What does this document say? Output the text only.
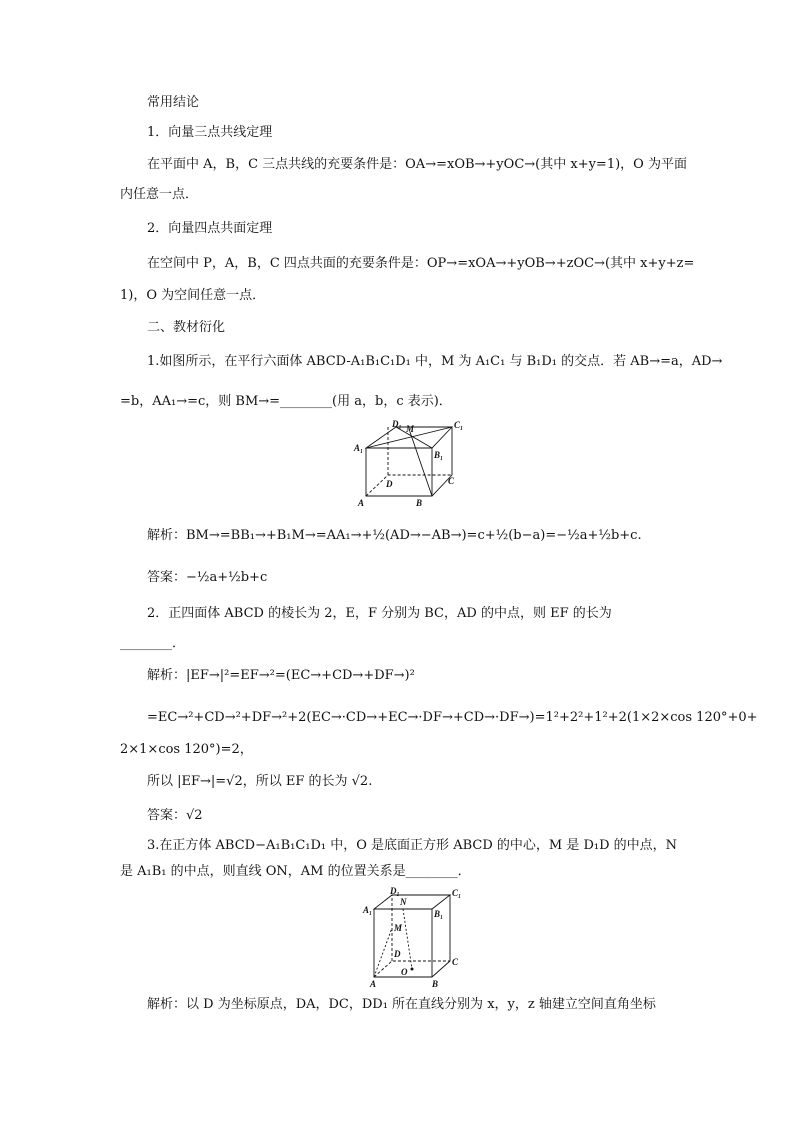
常用结论
1．向量三点共线定理
在平面中 A，B，C 三点共线的充要条件是：OA→=xOB→+yOC→(其中 x+y=1)，O 为平面
内任意一点．
2．向量四点共面定理
在空间中 P，A，B，C 四点共面的充要条件是：OP→=xOA→+yOB→+zOC→(其中 x+y+z=
1)，O 为空间任意一点．
二、教材衍化
1.如图所示，在平行六面体 ABCD-A₁B₁C₁D₁ 中，M 为 A₁C₁ 与 B₁D₁ 的交点．若 AB→=a，AD→
=b，AA₁→=c，则 BM→=________(用 a，b，c 表示)．
D₁ M	C₁
A₁
B₁
D	C
A	B
解析：BM→=BB₁→+B₁M→=AA₁→+½(AD→−AB→)=c+½(b−a)=−½a+½b+c.
答案：−½a+½b+c
2．正四面体 ABCD 的棱长为 2，E，F 分别为 BC，AD 的中点，则 EF 的长为
________．
解析：|EF→|²=EF→²=(EC→+CD→+DF→)²
=EC→²+CD→²+DF→²+2(EC→·CD→+EC→·DF→+CD→·DF→)=1²+2²+1²+2(1×2×cos 120°+0+
2×1×cos 120°)=2，
所以 |EF→|=√2，所以 EF 的长为 √2.
答案：√2
3.在正方体 ABCD−A₁B₁C₁D₁ 中，O 是底面正方形 ABCD 的中心，M 是 D₁D 的中点，N
是 A₁B₁ 的中点，则直线 ON，AM 的位置关系是________．
D₁	C₁
A₁
N
B₁
M
D
C
O
A	B
解析：以 D 为坐标原点，DA，DC，DD₁ 所在直线分别为 x，y，z 轴建立空间直角坐标
